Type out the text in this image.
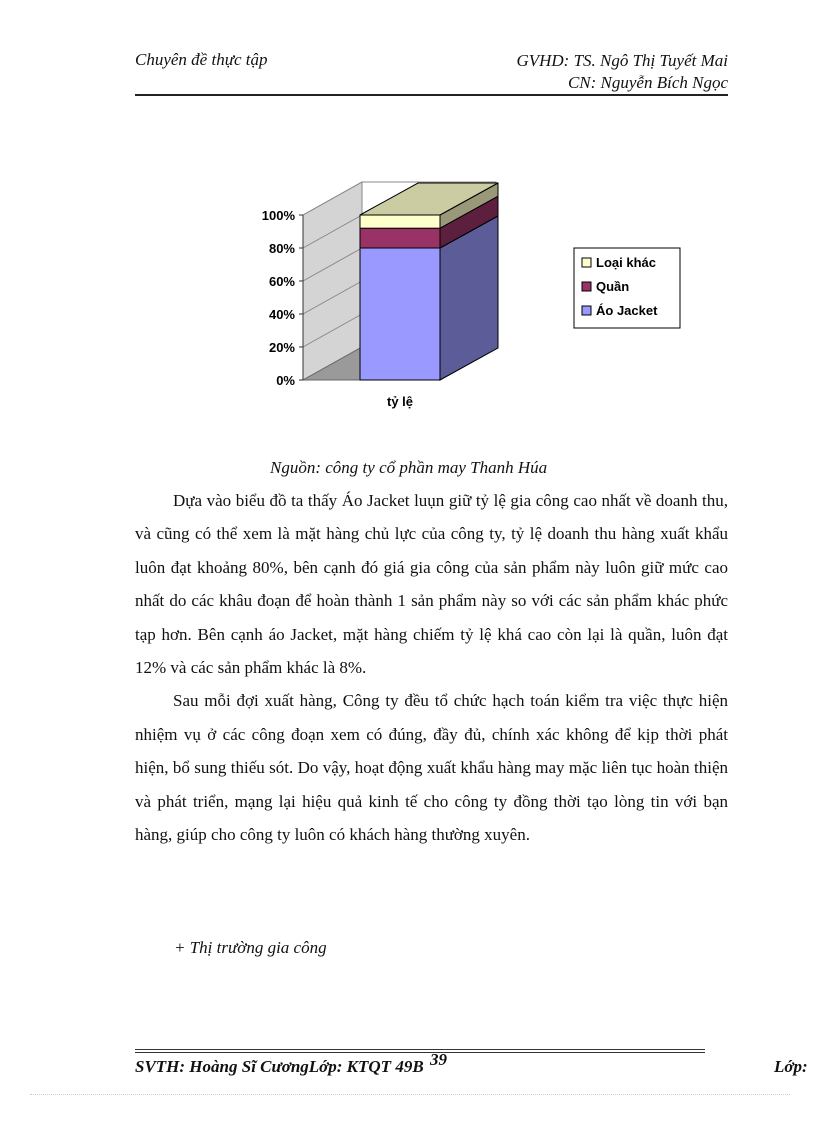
Chuyên đề thực tập	GVHD: TS. Ngô Thị Tuyết Mai
CN: Nguyễn Bích Ngọc
0%
20%
40%
60%
80%
100%
tỷ lệ
Loại khác
Quần
Áo Jacket
Nguồn: công ty cổ phần may Thanh Húa

Dựa vào biểu đồ ta thấy Áo Jacket luụn giữ tỷ lệ gia công cao nhất về doanh thu, và cũng có thể xem là mặt hàng chủ lực của công ty, tỷ lệ doanh thu hàng xuất khẩu luôn đạt khoảng 80%, bên cạnh đó giá gia công của sản phẩm này luôn giữ mức cao nhất do các khâu đoạn để hoàn thành 1 sản phẩm này so với các sản phẩm khác phức tạp hơn. Bên cạnh áo Jacket, mặt hàng chiếm tỷ lệ khá cao còn lại là quần, luôn đạt 12% và các sản phẩm khác là 8%.

Sau mỗi đợi xuất hàng, Công ty đều tổ chức hạch toán kiểm tra việc thực hiện nhiệm vụ ở các công đoạn xem có đúng, đầy đủ, chính xác không để kịp thời phát hiện, bổ sung thiếu sót. Do vậy, hoạt động xuất khẩu hàng may mặc liên tục hoàn thiện và phát triển, mạng lại hiệu quả kinh tế cho công ty đồng thời tạo lòng tin với bạn hàng, giúp cho công ty luôn có khách hàng thường xuyên.

+ Thị trường gia công
SVTH: Hoàng Sĩ CươngLớp: KTQT 49B 39	Lớp:
